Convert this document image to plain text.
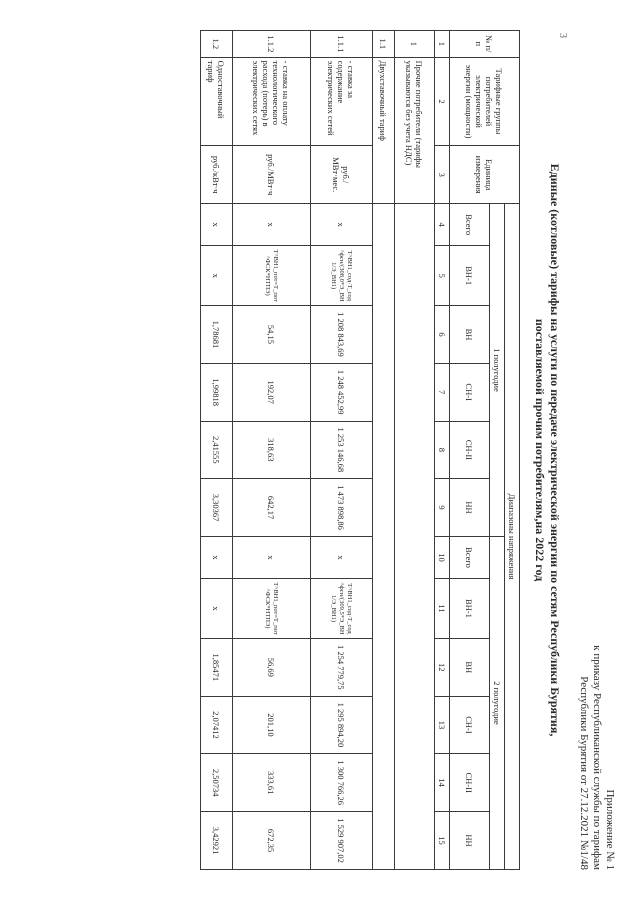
3
Приложение № 1
к приказу Республиканской службы по тарифам
Республики Бурятия от 27.12.2021 №1/48
Единые (котловые) тарифы на услуги по передаче электрической энергии по сетям Республики Бурятия,
поставляемой прочим потребителям,на 2022 год
№ п/п	Тарифные группы потребителей электрической энергии (мощности)	Единица измерения	Диапазоны напряжения											
			1 полугодие						2 полугодие					
			Всего	ВН-1	ВН	СН-I	СН-II	НН	Всего	ВН-1	ВН	СН-I	СН-II	НН
1	2	3	4	5	6	7	8	9	10	11	12	13	14	15
1	Прочие потребители (тарифы указываются без учета НДС)													
1.1	Двухставочный тариф													
1.1.1	- ставка за содержание электрических сетей	руб./МВт·мес.	x	Т^ВН1_сод·Т_сод^фсн/(308,0*Э_ВН1/Э_ВН1)	1 208 843,69	1 248 452,99	1 253 146,68	1 473 898,86	x	Т^ВН1_сод·Т_сод^фсн/(309,5*Э_ВН1/Э_ВН1)	1 254 779,75	1 295 894,20	1 300 766,26	1 529 907,02
1.1.2	- ставка на оплату технологического расхода (потерь) в электрических сетях	руб./МВт·ч	x	Т^ВН1_пот=Т_пот^ФСК*НТПЭ)	54,15	192,07	318,63	642,17	x	Т^ВН1_пот=Т_пот^ФСК*НТПЭ)	56,69	201,10	333,61	672,35
1.2	Одноставочный тариф	руб./кВт·ч	x	x	1,78681	1,99818	2,41555	3,30367	x	x	1,85471	2,07412	2,50734	3,42921
